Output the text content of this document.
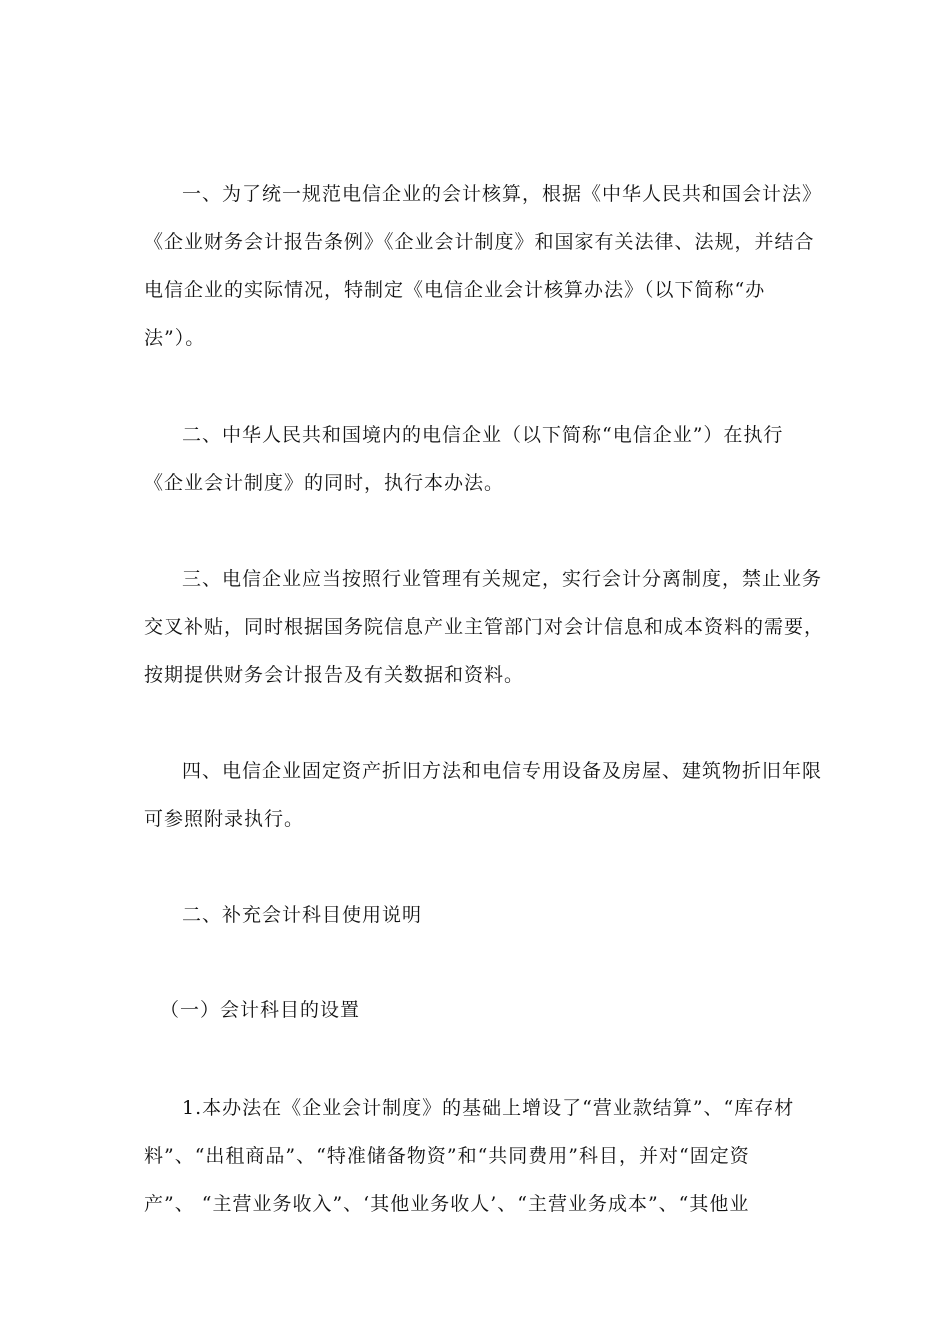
一、为了统一规范电信企业的会计核算，根据《中华人民共和国会计法》
《企业财务会计报告条例》《企业会计制度》和国家有关法律、法规，并结合
电信企业的实际情况，特制定《电信企业会计核算办法》（以下简称“办
法”）。
二、中华人民共和国境内的电信企业（以下简称“电信企业”）在执行
《企业会计制度》的同时，执行本办法。
三、电信企业应当按照行业管理有关规定，实行会计分离制度，禁止业务
交叉补贴，同时根据国务院信息产业主管部门对会计信息和成本资料的需要，
按期提供财务会计报告及有关数据和资料。
四、电信企业固定资产折旧方法和电信专用设备及房屋、建筑物折旧年限
可参照附录执行。
二、补充会计科目使用说明
（一）会计科目的设置
1.本办法在《企业会计制度》的基础上增设了“营业款结算”、“库存材
料”、“出租商品”、“特准储备物资”和“共同费用”科目，并对“固定资
产”、 “主营业务收入”、‘其他业务收人’、“主营业务成本”、“其他业
